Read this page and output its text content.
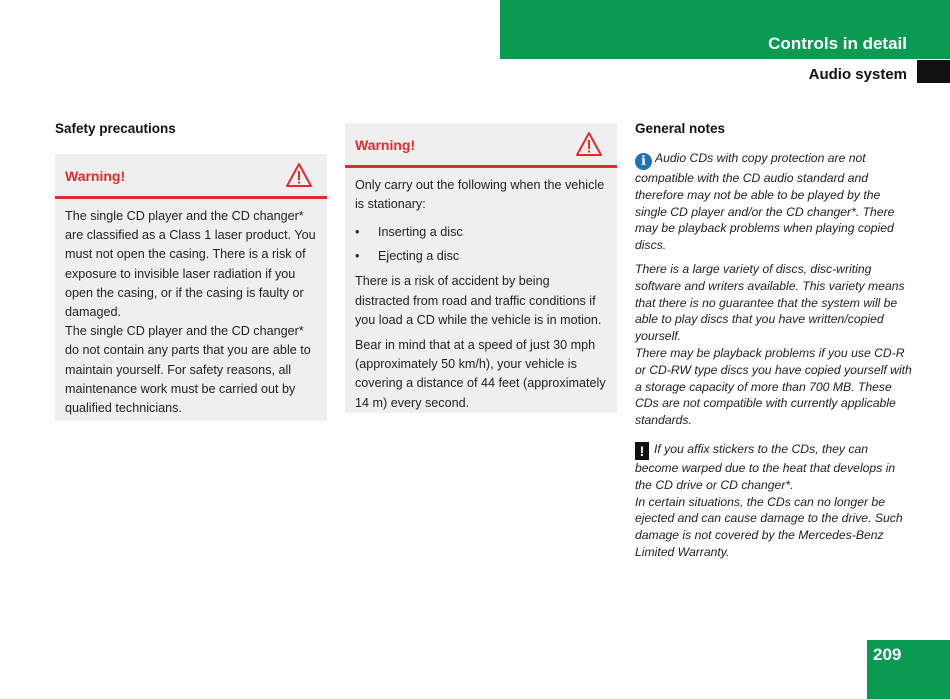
Controls in detail
Audio system
Safety precautions
Warning!

The single CD player and the CD changer* are classified as a Class 1 laser product. You must not open the casing. There is a risk of exposure to invisible laser radiation if you open the casing, or if the casing is faulty or damaged.

The single CD player and the CD changer* do not contain any parts that you are able to maintain yourself. For safety reasons, all maintenance work must be carried out by qualified technicians.

Warning!

Only carry out the following when the vehicle is stationary:

• Inserting a disc
• Ejecting a disc

There is a risk of accident by being distracted from road and traffic conditions if you load a CD while the vehicle is in motion.

Bear in mind that at a speed of just 30 mph (approximately 50 km/h), your vehicle is covering a distance of 44 feet (approximately 14 m) every second.

General notes

i Audio CDs with copy protection are not compatible with the CD audio standard and therefore may not be able to be played by the single CD player and/or the CD changer*. There may be playback problems when playing copied discs.

There is a large variety of discs, disc-writing software and writers available. This variety means that there is no guarantee that the system will be able to play discs that you have written/copied yourself.

There may be playback problems if you use CD-R or CD-RW type discs you have copied yourself with a storage capacity of more than 700 MB. These CDs are not compatible with currently applicable standards.

! If you affix stickers to the CDs, they can become warped due to the heat that develops in the CD drive or CD changer*.

In certain situations, the CDs can no longer be ejected and can cause damage to the drive. Such damage is not covered by the Mercedes-Benz Limited Warranty.

209
